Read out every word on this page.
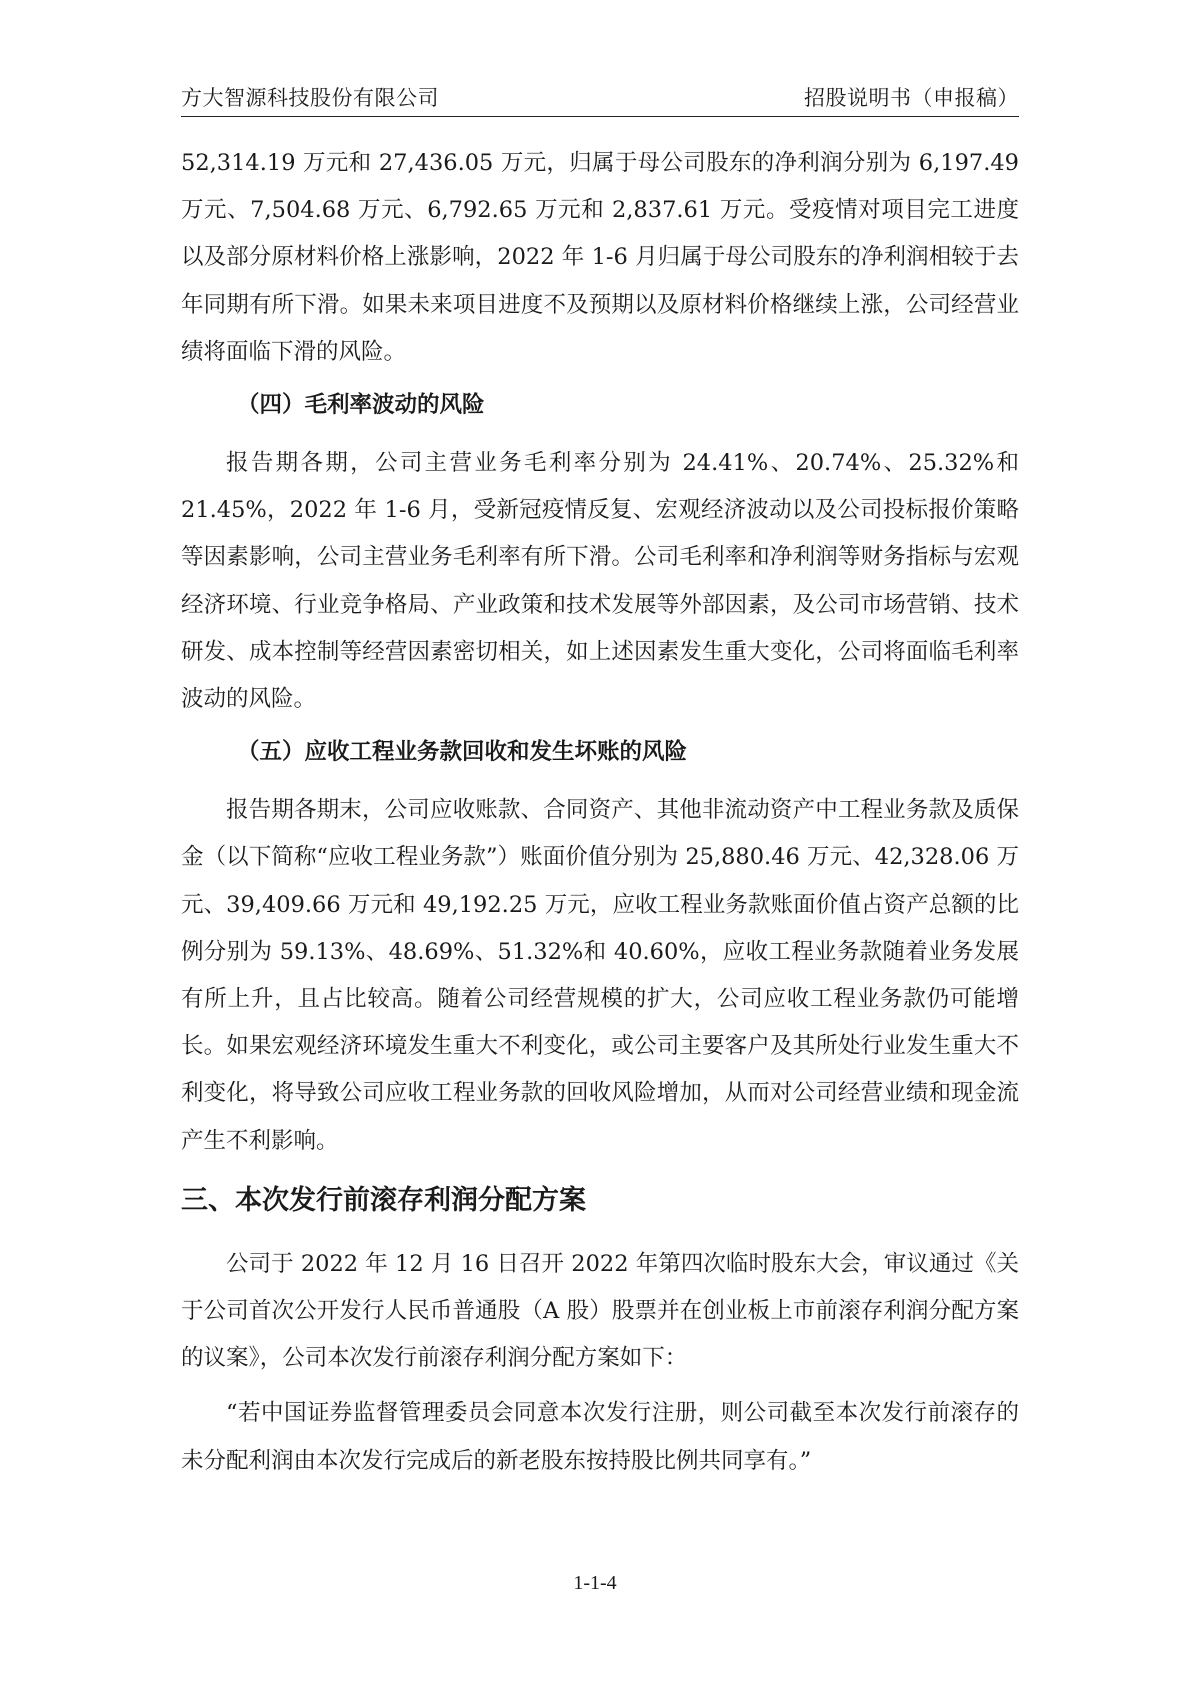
方大智源科技股份有限公司	招股说明书（申报稿）

52,314.19 万元和 27,436.05 万元，归属于母公司股东的净利润分别为 6,197.49 万元、7,504.68 万元、6,792.65 万元和 2,837.61 万元。受疫情对项目完工进度以及部分原材料价格上涨影响，2022 年 1-6 月归属于母公司股东的净利润相较于去年同期有所下滑。如果未来项目进度不及预期以及原材料价格继续上涨，公司经营业绩将面临下滑的风险。

（四）毛利率波动的风险

报告期各期，公司主营业务毛利率分别为 24.41%、20.74%、25.32%和 21.45%，2022 年 1-6 月，受新冠疫情反复、宏观经济波动以及公司投标报价策略等因素影响，公司主营业务毛利率有所下滑。公司毛利率和净利润等财务指标与宏观经济环境、行业竞争格局、产业政策和技术发展等外部因素，及公司市场营销、技术研发、成本控制等经营因素密切相关，如上述因素发生重大变化，公司将面临毛利率波动的风险。

（五）应收工程业务款回收和发生坏账的风险

报告期各期末，公司应收账款、合同资产、其他非流动资产中工程业务款及质保金（以下简称“应收工程业务款”）账面价值分别为 25,880.46 万元、42,328.06 万元、39,409.66 万元和 49,192.25 万元，应收工程业务款账面价值占资产总额的比例分别为 59.13%、48.69%、51.32%和 40.60%，应收工程业务款随着业务发展有所上升，且占比较高。随着公司经营规模的扩大，公司应收工程业务款仍可能增长。如果宏观经济环境发生重大不利变化，或公司主要客户及其所处行业发生重大不利变化，将导致公司应收工程业务款的回收风险增加，从而对公司经营业绩和现金流产生不利影响。

三、本次发行前滚存利润分配方案

公司于 2022 年 12 月 16 日召开 2022 年第四次临时股东大会，审议通过《关于公司首次公开发行人民币普通股（A 股）股票并在创业板上市前滚存利润分配方案的议案》，公司本次发行前滚存利润分配方案如下：

“若中国证券监督管理委员会同意本次发行注册，则公司截至本次发行前滚存的未分配利润由本次发行完成后的新老股东按持股比例共同享有。”

1-1-4
